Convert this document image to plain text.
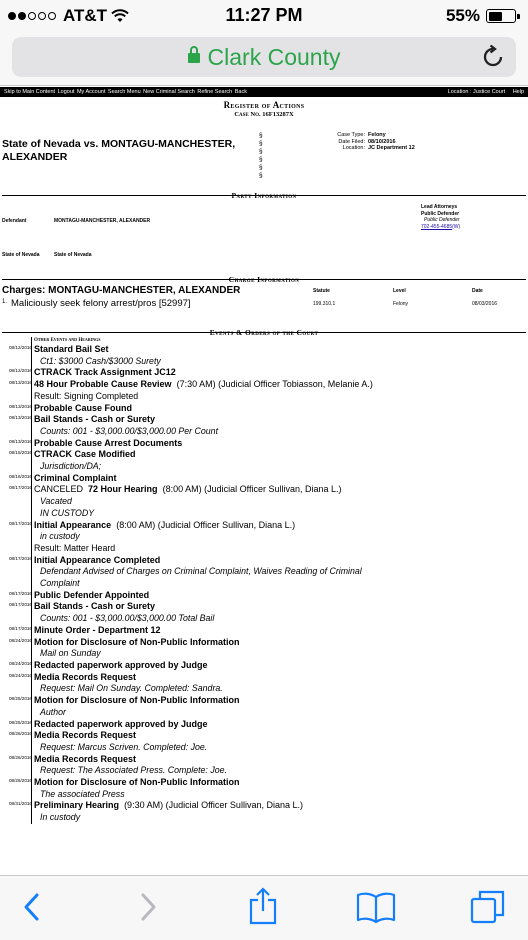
AT&T	11:27 PM	55%
Clark County
Skip to Main Content Logout My Account Search Menu New Criminal Search Refine Search Back	Location : Justice Court Help
Register of Actions
Case No. 16F13287X
State of Nevada vs. MONTAGU-MANCHESTER, ALEXANDER
§
§
§
§
§
§
Case Type: Felony
Date Filed: 08/10/2016
Location: JC Department 12
Party Information
Lead Attorneys
Public Defender
Public Defender
702-455-4685(W)
Defendant	MONTAGU-MANCHESTER, ALEXANDER
State of Nevada	State of Nevada
Charge Information
Charges: MONTAGU-MANCHESTER, ALEXANDER	Statute	Level	Date
$^{1.}$ Maliciously seek felony arrest/pros [52997]	199.310.1	Felony	08/03/2016
Events & Orders of the Court
Other Events and Hearings
08/12/2016 Standard Bail Set
Ct1: $3000 Cash/$3000 Surety
08/12/2016 CTRACK Track Assignment JC12
08/13/2016 48 Hour Probable Cause Review (7:30 AM) (Judicial Officer Tobiasson, Melanie A.)
Result: Signing Completed
08/13/2016 Probable Cause Found
08/13/2016 Bail Stands - Cash or Surety
Counts: 001 - $3,000.00/$3,000.00 Per Count
08/13/2016 Probable Cause Arrest Documents
08/15/2016 CTRACK Case Modified
Jurisdiction/DA;
08/16/2016 Criminal Complaint
08/17/2016 CANCELED 72 Hour Hearing (8:00 AM) (Judicial Officer Sullivan, Diana L.)
Vacated
IN CUSTODY
08/17/2016 Initial Appearance (8:00 AM) (Judicial Officer Sullivan, Diana L.)
in custody
Result: Matter Heard
08/17/2016 Initial Appearance Completed
Defendant Advised of Charges on Criminal Complaint, Waives Reading of Criminal
Complaint
08/17/2016 Public Defender Appointed
08/17/2016 Bail Stands - Cash or Surety
Counts: 001 - $3,000.00/$3,000.00 Total Bail
08/17/2016 Minute Order - Department 12
08/24/2016 Motion for Disclosure of Non-Public Information
Mail on Sunday
08/24/2016 Redacted paperwork approved by Judge
08/24/2016 Media Records Request
Request: Mail On Sunday. Completed: Sandra.
08/25/2016 Motion for Disclosure of Non-Public Information
Author
08/25/2016 Redacted paperwork approved by Judge
08/26/2016 Media Records Request
Request: Marcus Scriven. Completed: Joe.
08/26/2016 Media Records Request
Request: The Associated Press. Complete: Joe.
08/26/2016 Motion for Disclosure of Non-Public Information
The associated Press
08/31/2016 Preliminary Hearing (9:30 AM) (Judicial Officer Sullivan, Diana L.)
In custody
